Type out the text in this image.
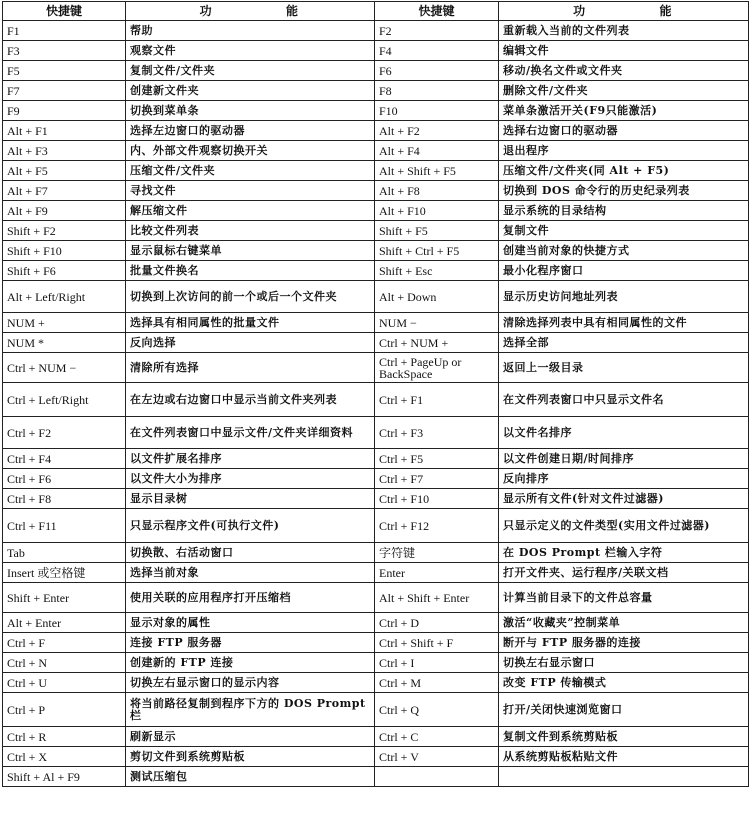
快捷键	功　　　　　能	快捷键	功　　　　　能
F1	帮助	F2	重新载入当前的文件列表
F3	观察文件	F4	编辑文件
F5	复制文件/文件夹	F6	移动/换名文件或文件夹
F7	创建新文件夹	F8	删除文件/文件夹
F9	切换到菜单条	F10	菜单条激活开关(F9只能激活)
Alt + F1	选择左边窗口的驱动器	Alt + F2	选择右边窗口的驱动器
Alt + F3	内、外部文件观察切换开关	Alt + F4	退出程序
Alt + F5	压缩文件/文件夹	Alt + Shift + F5	压缩文件/文件夹(同 Alt + F5)
Alt + F7	寻找文件	Alt + F8	切换到 DOS 命令行的历史纪录列表
Alt + F9	解压缩文件	Alt + F10	显示系统的目录结构
Shift + F2	比较文件列表	Shift + F5	复制文件
Shift + F10	显示鼠标右键菜单	Shift + Ctrl + F5	创建当前对象的快捷方式
Shift + F6	批量文件换名	Shift + Esc	最小化程序窗口
Alt + Left/Right	切换到上次访问的前一个或后一个文件夹	Alt + Down	显示历史访问地址列表
NUM +	选择具有相同属性的批量文件	NUM −	清除选择列表中具有相同属性的文件
NUM *	反向选择	Ctrl + NUM +	选择全部
Ctrl + NUM −	清除所有选择	Ctrl + PageUp or BackSpace	返回上一级目录
Ctrl + Left/Right	在左边或右边窗口中显示当前文件夹列表	Ctrl + F1	在文件列表窗口中只显示文件名
Ctrl + F2	在文件列表窗口中显示文件/文件夹详细资料	Ctrl + F3	以文件名排序
Ctrl + F4	以文件扩展名排序	Ctrl + F5	以文件创建日期/时间排序
Ctrl + F6	以文件大小为排序	Ctrl + F7	反向排序
Ctrl + F8	显示目录树	Ctrl + F10	显示所有文件(针对文件过滤器)
Ctrl + F11	只显示程序文件(可执行文件)	Ctrl + F12	只显示定义的文件类型(实用文件过滤器)
Tab	切换散、右活动窗口	字符键	在 DOS Prompt 栏输入字符
Insert 或空格键	选择当前对象	Enter	打开文件夹、运行程序/关联文档
Shift + Enter	使用关联的应用程序打开压缩档	Alt + Shift + Enter	计算当前目录下的文件总容量
Alt + Enter	显示对象的属性	Ctrl + D	激活“收藏夹”控制菜单
Ctrl + F	连接 FTP 服务器	Ctrl + Shift + F	断开与 FTP 服务器的连接
Ctrl + N	创建新的 FTP 连接	Ctrl + I	切换左右显示窗口
Ctrl + U	切换左右显示窗口的显示内容	Ctrl + M	改变 FTP 传输模式
Ctrl + P	将当前路径复制到程序下方的 DOS Prompt 栏	Ctrl + Q	打开/关闭快速浏览窗口
Ctrl + R	刷新显示	Ctrl + C	复制文件到系统剪贴板
Ctrl + X	剪切文件到系统剪贴板	Ctrl + V	从系统剪贴板粘贴文件
Shift + Al + F9	测试压缩包		
